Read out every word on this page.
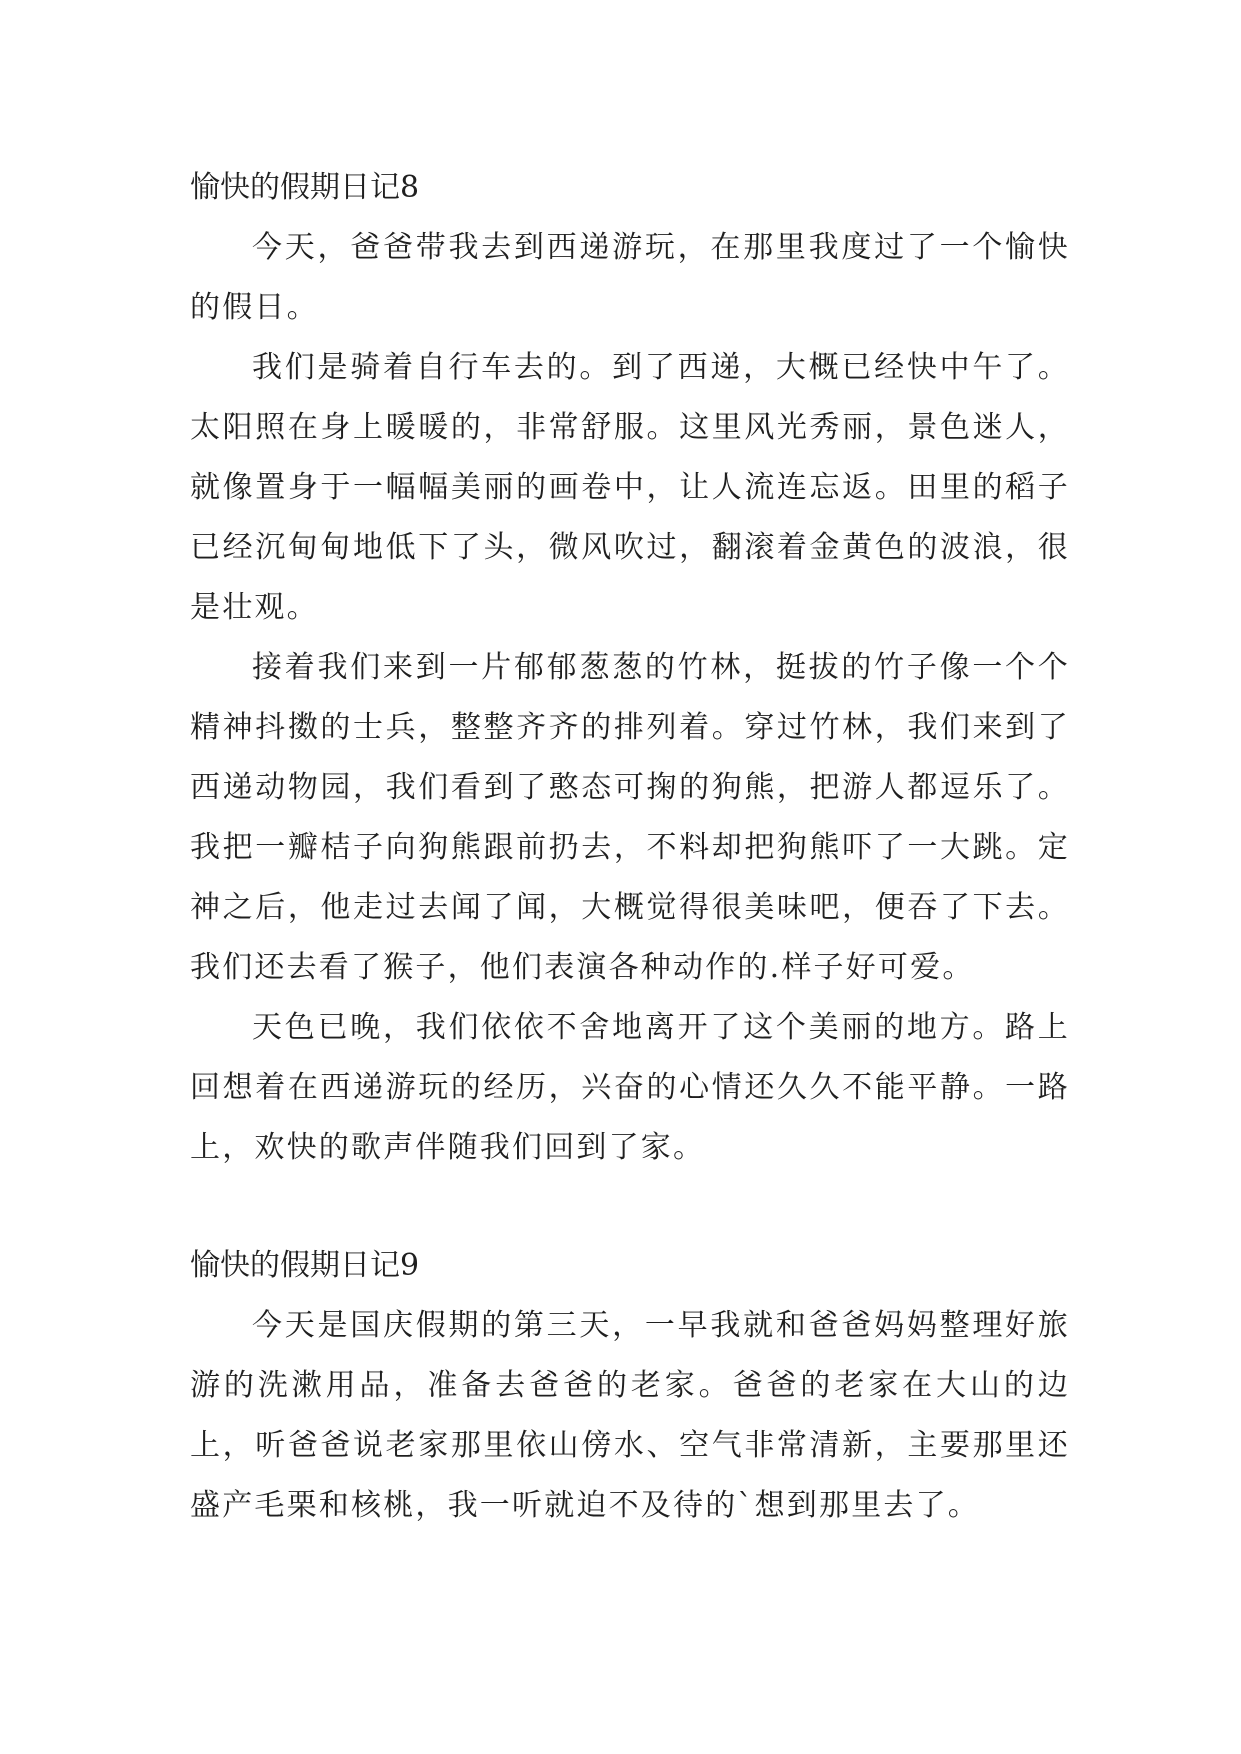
愉快的假期日记8

今天，爸爸带我去到西递游玩，在那里我度过了一个愉快的假日。

我们是骑着自行车去的。到了西递，大概已经快中午了。太阳照在身上暖暖的，非常舒服。这里风光秀丽，景色迷人，就像置身于一幅幅美丽的画卷中，让人流连忘返。田里的稻子已经沉甸甸地低下了头，微风吹过，翻滚着金黄色的波浪，很是壮观。

接着我们来到一片郁郁葱葱的竹林，挺拔的竹子像一个个精神抖擞的士兵，整整齐齐的排列着。穿过竹林，我们来到了西递动物园，我们看到了憨态可掬的狗熊，把游人都逗乐了。我把一瓣桔子向狗熊跟前扔去，不料却把狗熊吓了一大跳。定神之后，他走过去闻了闻，大概觉得很美味吧，便吞了下去。我们还去看了猴子，他们表演各种动作的.样子好可爱。

天色已晚，我们依依不舍地离开了这个美丽的地方。路上回想着在西递游玩的经历，兴奋的心情还久久不能平静。一路上，欢快的歌声伴随我们回到了家。

愉快的假期日记9

今天是国庆假期的第三天，一早我就和爸爸妈妈整理好旅游的洗漱用品，准备去爸爸的老家。爸爸的老家在大山的边上，听爸爸说老家那里依山傍水、空气非常清新，主要那里还盛产毛栗和核桃，我一听就迫不及待的`想到那里去了。
